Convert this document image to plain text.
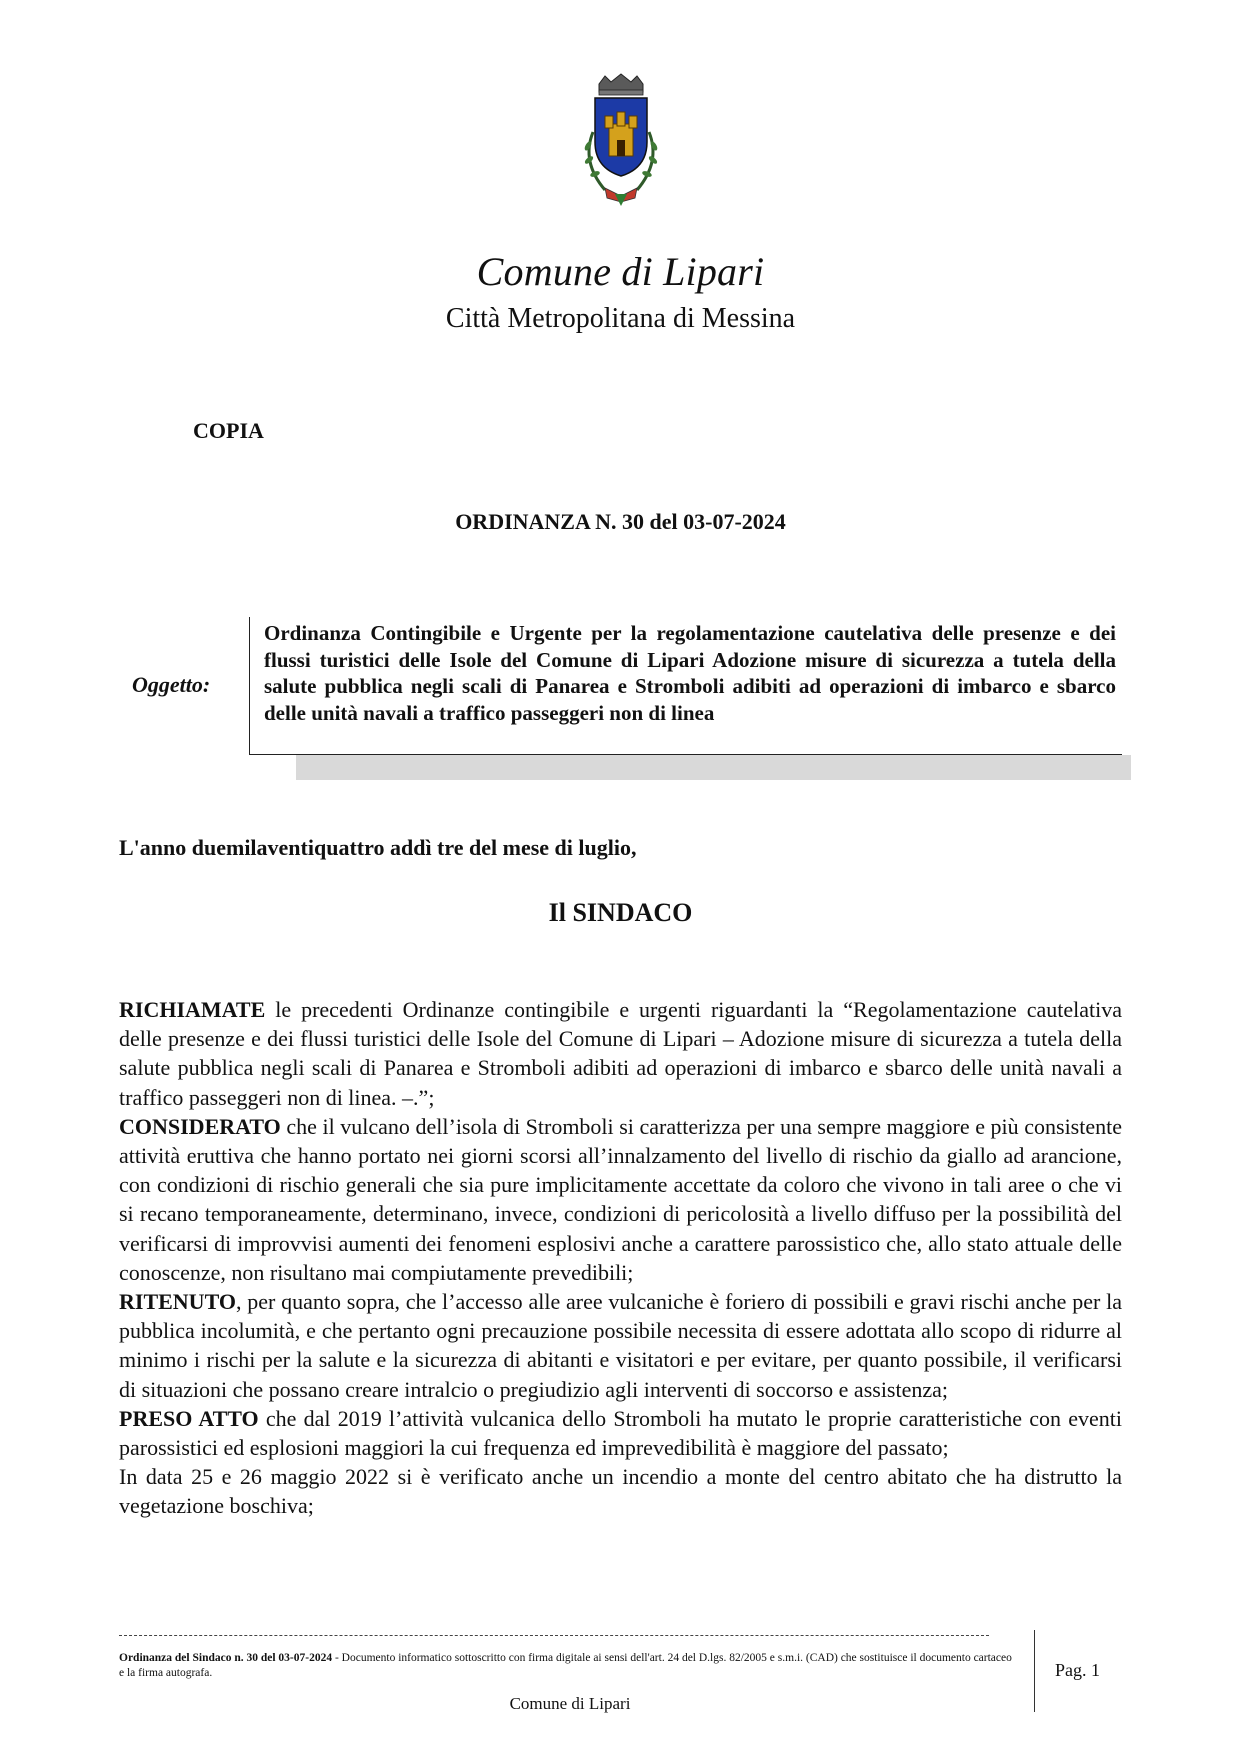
Comune di Lipari
Città Metropolitana di Messina
COPIA
ORDINANZA N. 30 del 03-07-2024
Oggetto:
Ordinanza Contingibile e Urgente per la regolamentazione cautelativa delle presenze e dei flussi turistici delle Isole del Comune di Lipari Adozione misure di sicurezza a tutela della salute pubblica negli scali di Panarea e Stromboli adibiti ad operazioni di imbarco e sbarco delle unità navali a traffico passeggeri non di linea
L'anno duemilaventiquattro addì tre del mese di luglio,
Il SINDACO

RICHIAMATE le precedenti Ordinanze contingibile e urgenti riguardanti la “Regolamentazione cautelativa delle presenze e dei flussi turistici delle Isole del Comune di Lipari – Adozione misure di sicurezza a tutela della salute pubblica negli scali di Panarea e Stromboli adibiti ad operazioni di imbarco e sbarco delle unità navali a traffico passeggeri non di linea. –.”;

CONSIDERATO che il vulcano dell’isola di Stromboli si caratterizza per una sempre maggiore e più consistente attività eruttiva che hanno portato nei giorni scorsi all’innalzamento del livello di rischio da giallo ad arancione, con condizioni di rischio generali che sia pure implicitamente accettate da coloro che vivono in tali aree o che vi si recano temporaneamente, determinano, invece, condizioni di pericolosità a livello diffuso per la possibilità del verificarsi di improvvisi aumenti dei fenomeni esplosivi anche a carattere parossistico che, allo stato attuale delle conoscenze, non risultano mai compiutamente prevedibili;

RITENUTO, per quanto sopra, che l’accesso alle aree vulcaniche è foriero di possibili e gravi rischi anche per la pubblica incolumità, e che pertanto ogni precauzione possibile necessita di essere adottata allo scopo di ridurre al minimo i rischi per la salute e la sicurezza di abitanti e visitatori e per evitare, per quanto possibile, il verificarsi di situazioni che possano creare intralcio o pregiudizio agli interventi di soccorso e assistenza;

PRESO ATTO che dal 2019 l’attività vulcanica dello Stromboli ha mutato le proprie caratteristiche con eventi parossistici ed esplosioni maggiori la cui frequenza ed imprevedibilità è maggiore del passato;

In data 25 e 26 maggio 2022 si è verificato anche un incendio a monte del centro abitato che ha distrutto la vegetazione boschiva;

Ordinanza del Sindaco n. 30 del 03-07-2024 - Documento informatico sottoscritto con firma digitale ai sensi dell'art. 24 del D.lgs. 82/2005 e s.m.i. (CAD) che sostituisce il documento cartaceo e la firma autografa.	Pag. 1
Comune di Lipari
